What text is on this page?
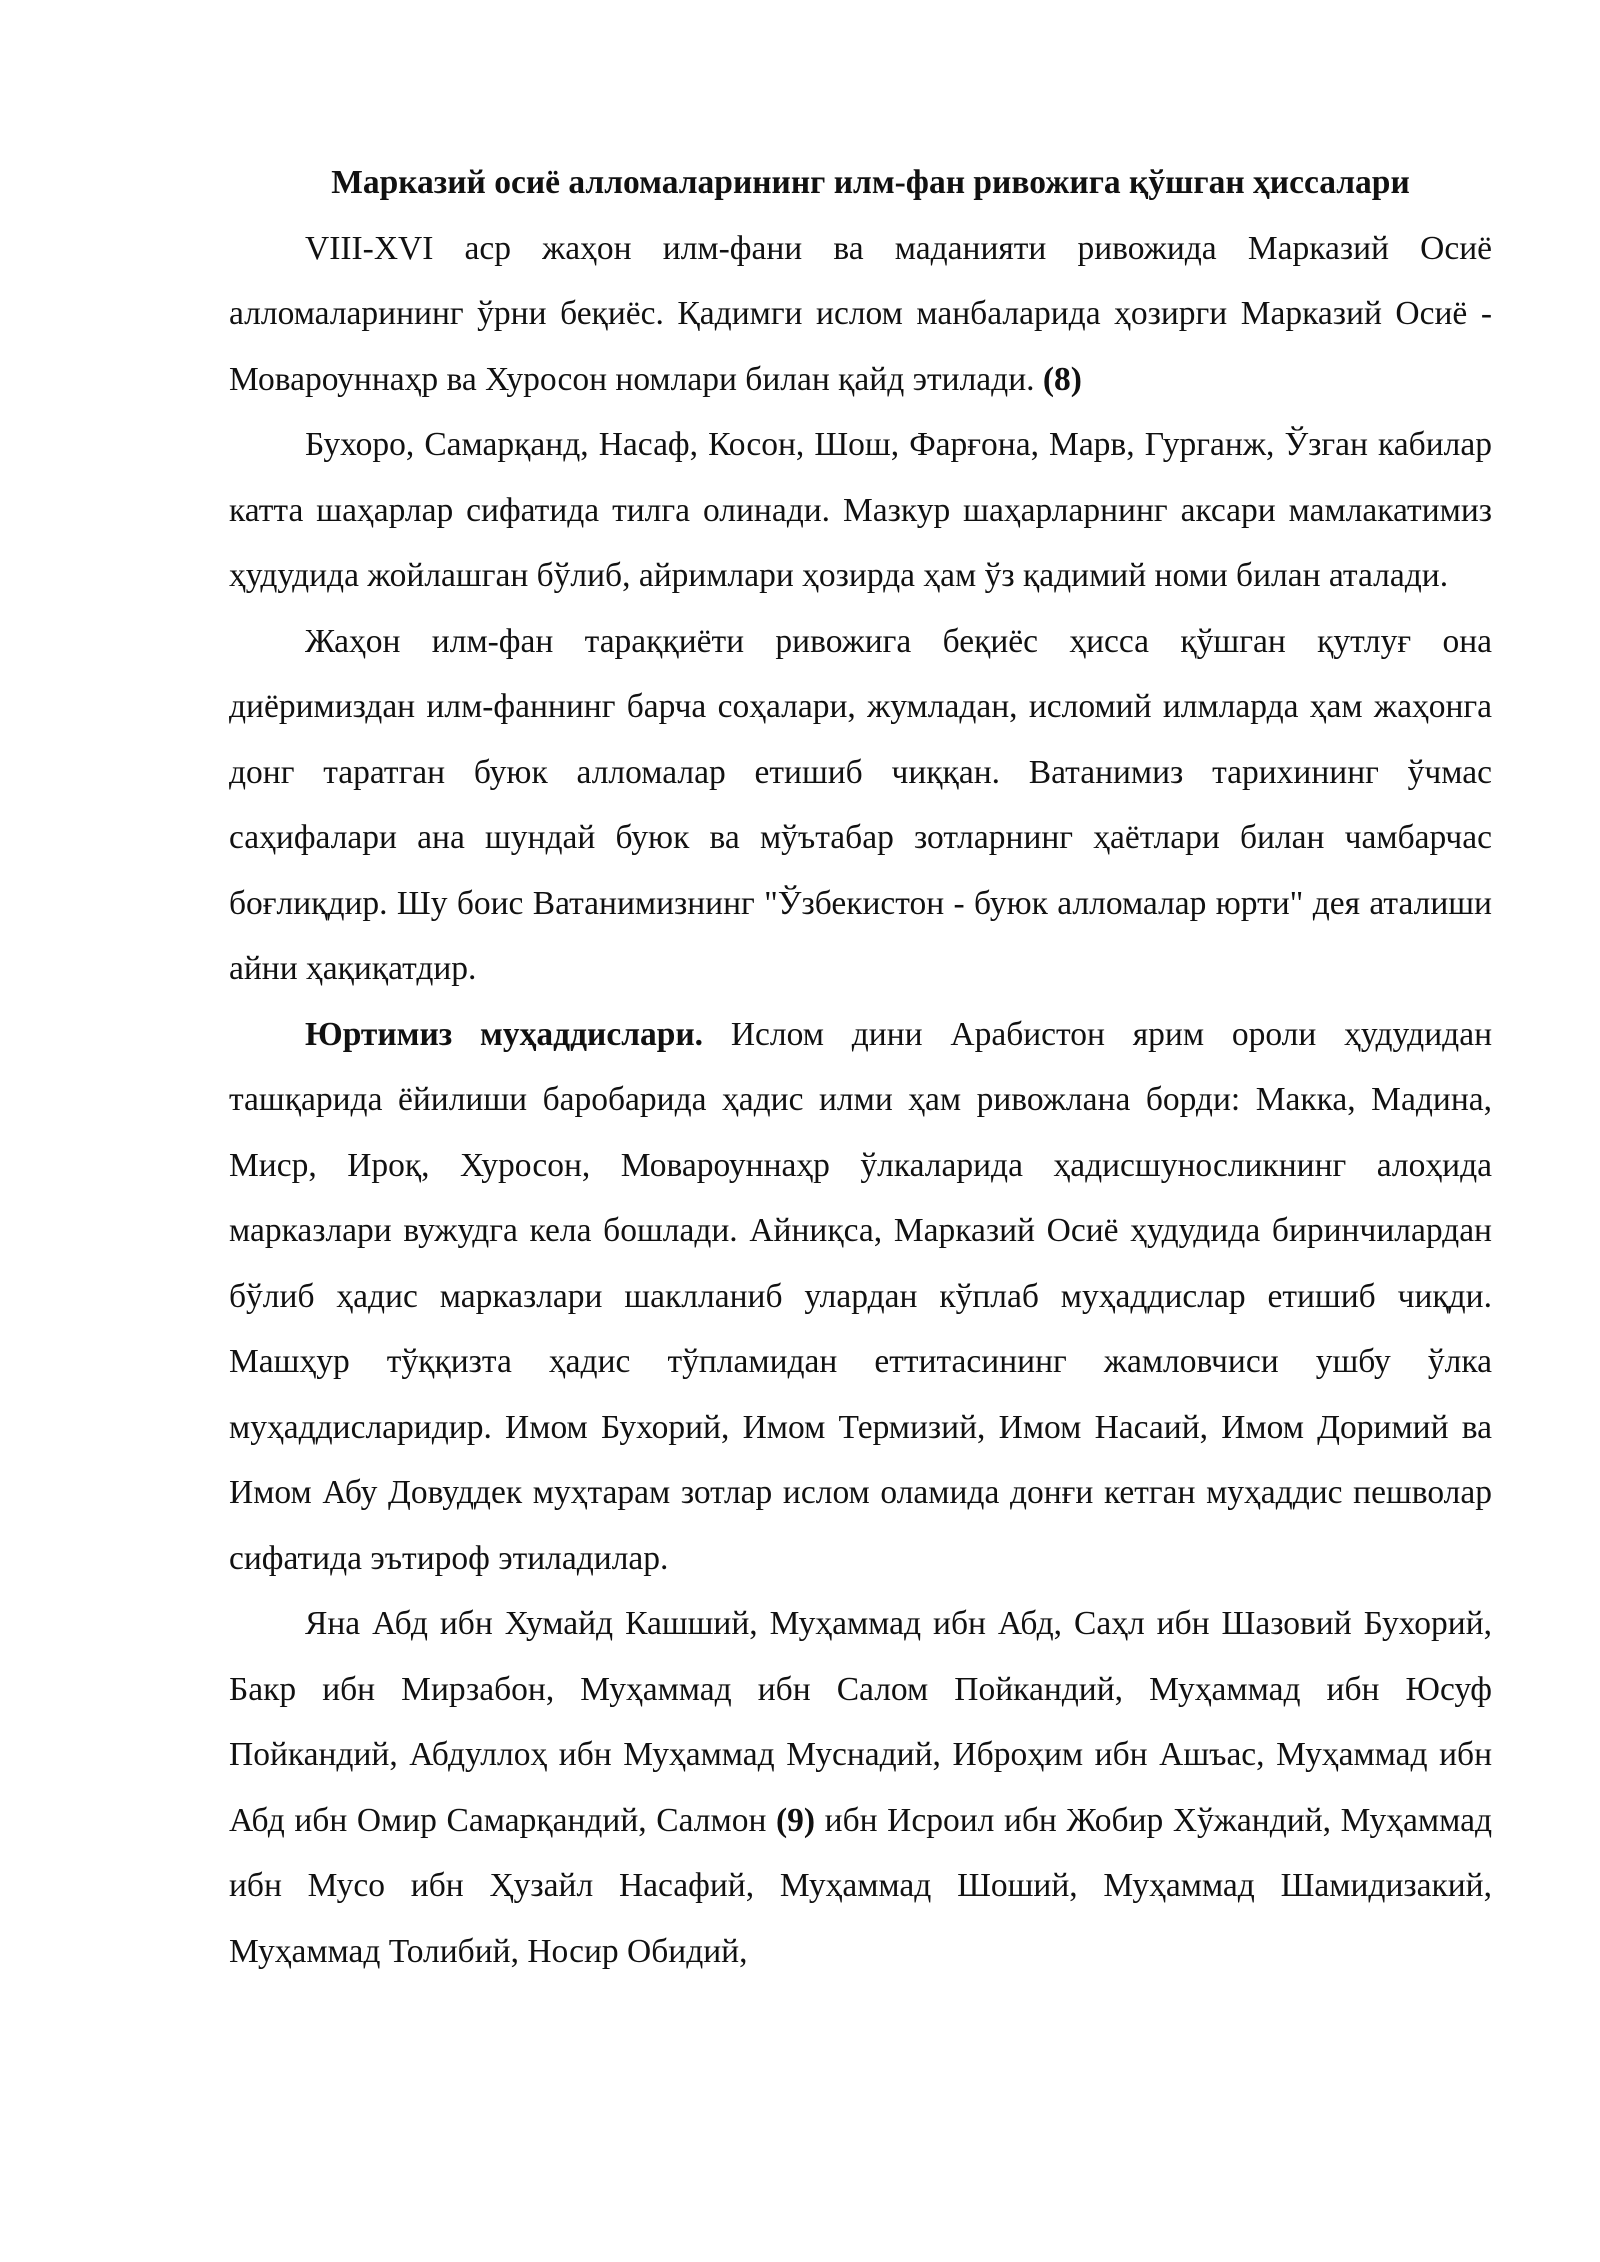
Марказий осиё алломаларининг илм-фан ривожига қўшган ҳиссалари

VIII-XVI аср жаҳон илм-фани ва маданияти ривожида Марказий Осиё алломаларининг ўрни беқиёс. Қадимги ислом манбаларида ҳозирги Марказий Осиё - Мовароуннаҳр ва Хуросон номлари билан қайд этилади. (8)

Бухоро, Самарқанд, Насаф, Косон, Шош, Фарғона, Марв, Гурганж, Ўзган кабилар катта шаҳарлар сифатида тилга олинади. Мазкур шаҳарларнинг аксари мамлакатимиз ҳудудида жойлашган бўлиб, айримлари ҳозирда ҳам ўз қадимий номи билан аталади.

Жаҳон илм-фан тараққиёти ривожига беқиёс ҳисса қўшган қутлуғ она диёримиздан илм-фаннинг барча соҳалари, жумладан, исломий илмларда ҳам жаҳонга донг таратган буюк алломалар етишиб чиққан. Ватанимиз тарихининг ўчмас саҳифалари ана шундай буюк ва мўътабар зотларнинг ҳаётлари билан чамбарчас боғлиқдир. Шу боис Ватанимизнинг "Ўзбекистон - буюк алломалар юрти" дея аталиши айни ҳақиқатдир.

Юртимиз муҳаддислари. Ислом дини Арабистон ярим ороли ҳудудидан ташқарида ёйилиши баробарида ҳадис илми ҳам ривожлана борди: Макка, Мадина, Миср, Ироқ, Хуросон, Мовароуннаҳр ўлкаларида ҳадисшуносликнинг алоҳида марказлари вужудга кела бошлади. Айниқса, Марказий Осиё ҳудудида биринчилардан бўлиб ҳадис марказлари шаклланиб улардан кўплаб муҳаддислар етишиб чиқди. Машҳур тўққизта ҳадис тўпламидан еттитасининг жамловчиси ушбу ўлка муҳаддисларидир. Имом Бухорий, Имом Термизий, Имом Насаий, Имом Доримий ва Имом Абу Довуддек муҳтарам зотлар ислом оламида донғи кетган муҳаддис пешволар сифатида эътироф этиладилар.

Яна Абд ибн Хумайд Кашший, Муҳаммад ибн Абд, Саҳл ибн Шазовий Бухорий, Бакр ибн Мирзабон, Муҳаммад ибн Салом Пойкандий, Муҳаммад ибн Юсуф Пойкандий, Абдуллоҳ ибн Муҳаммад Муснадий, Иброҳим ибн Ашъас, Муҳаммад ибн Абд ибн Омир Самарқандий, Салмон (9) ибн Исроил ибн Жобир Хўжандий, Муҳаммад ибн Мусо ибн Ҳузайл Насафий, Муҳаммад Шоший, Муҳаммад Шамидизакий, Муҳаммад Толибий, Носир Обидий,
